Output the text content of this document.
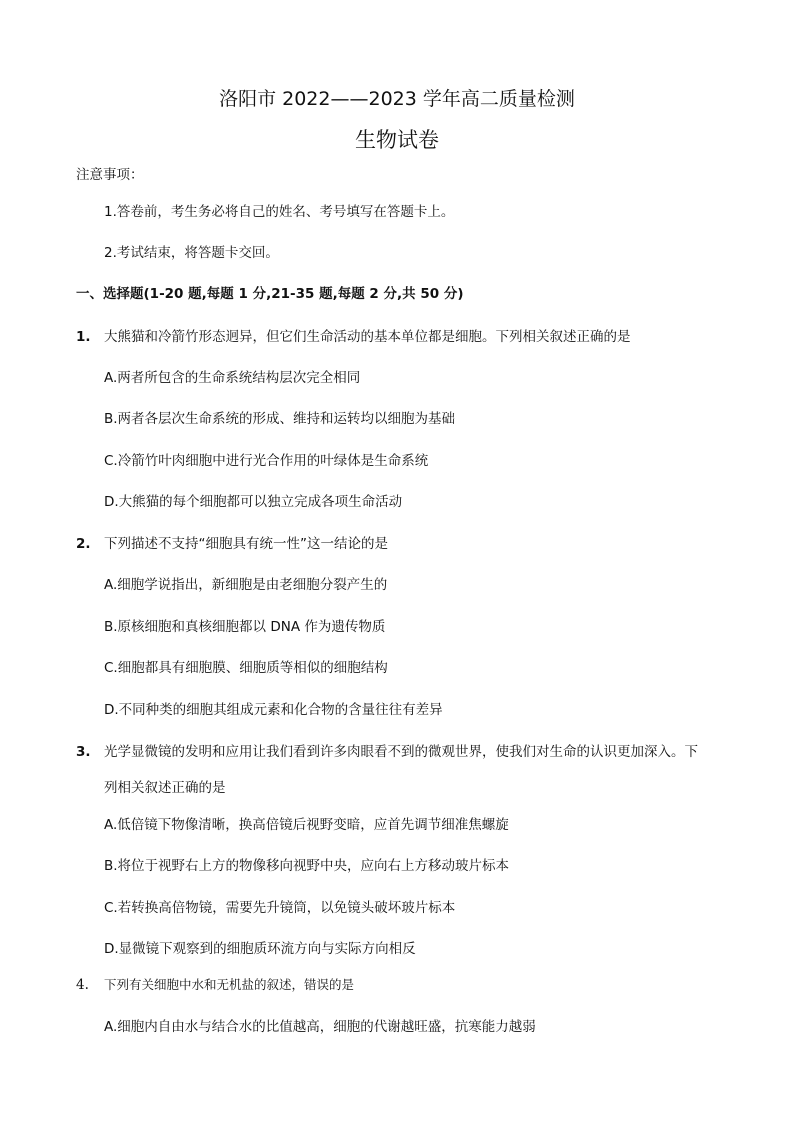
洛阳市 2022——2023 学年高二质量检测
生物试卷
注意事项：
1.答卷前，考生务必将自己的姓名、考号填写在答题卡上。
2.考试结束，将答题卡交回。
一、选择题(1-20 题,每题 1 分,21-35 题,每题 2 分,共 50 分)
1. 大熊猫和冷箭竹形态迥异，但它们生命活动的基本单位都是细胞。下列相关叙述正确的是
A.两者所包含的生命系统结构层次完全相同
B.两者各层次生命系统的形成、维持和运转均以细胞为基础
C.冷箭竹叶肉细胞中进行光合作用的叶绿体是生命系统
D.大熊猫的每个细胞都可以独立完成各项生命活动
2. 下列描述不支持“细胞具有统一性”这一结论的是
A.细胞学说指出，新细胞是由老细胞分裂产生的
B.原核细胞和真核细胞都以 DNA 作为遗传物质
C.细胞都具有细胞膜、细胞质等相似的细胞结构
D.不同种类的细胞其组成元素和化合物的含量往往有差异
3. 光学显微镜的发明和应用让我们看到许多肉眼看不到的微观世界，使我们对生命的认识更加深入。下
列相关叙述正确的是
A.低倍镜下物像清晰，换高倍镜后视野变暗，应首先调节细准焦螺旋
B.将位于视野右上方的物像移向视野中央，应向右上方移动玻片标本
C.若转换高倍物镜，需要先升镜筒，以免镜头破坏玻片标本
D.显微镜下观察到的细胞质环流方向与实际方向相反
4. 下列有关细胞中水和无机盐的叙述，错误的是
A.细胞内自由水与结合水的比值越高，细胞的代谢越旺盛，抗寒能力越弱
